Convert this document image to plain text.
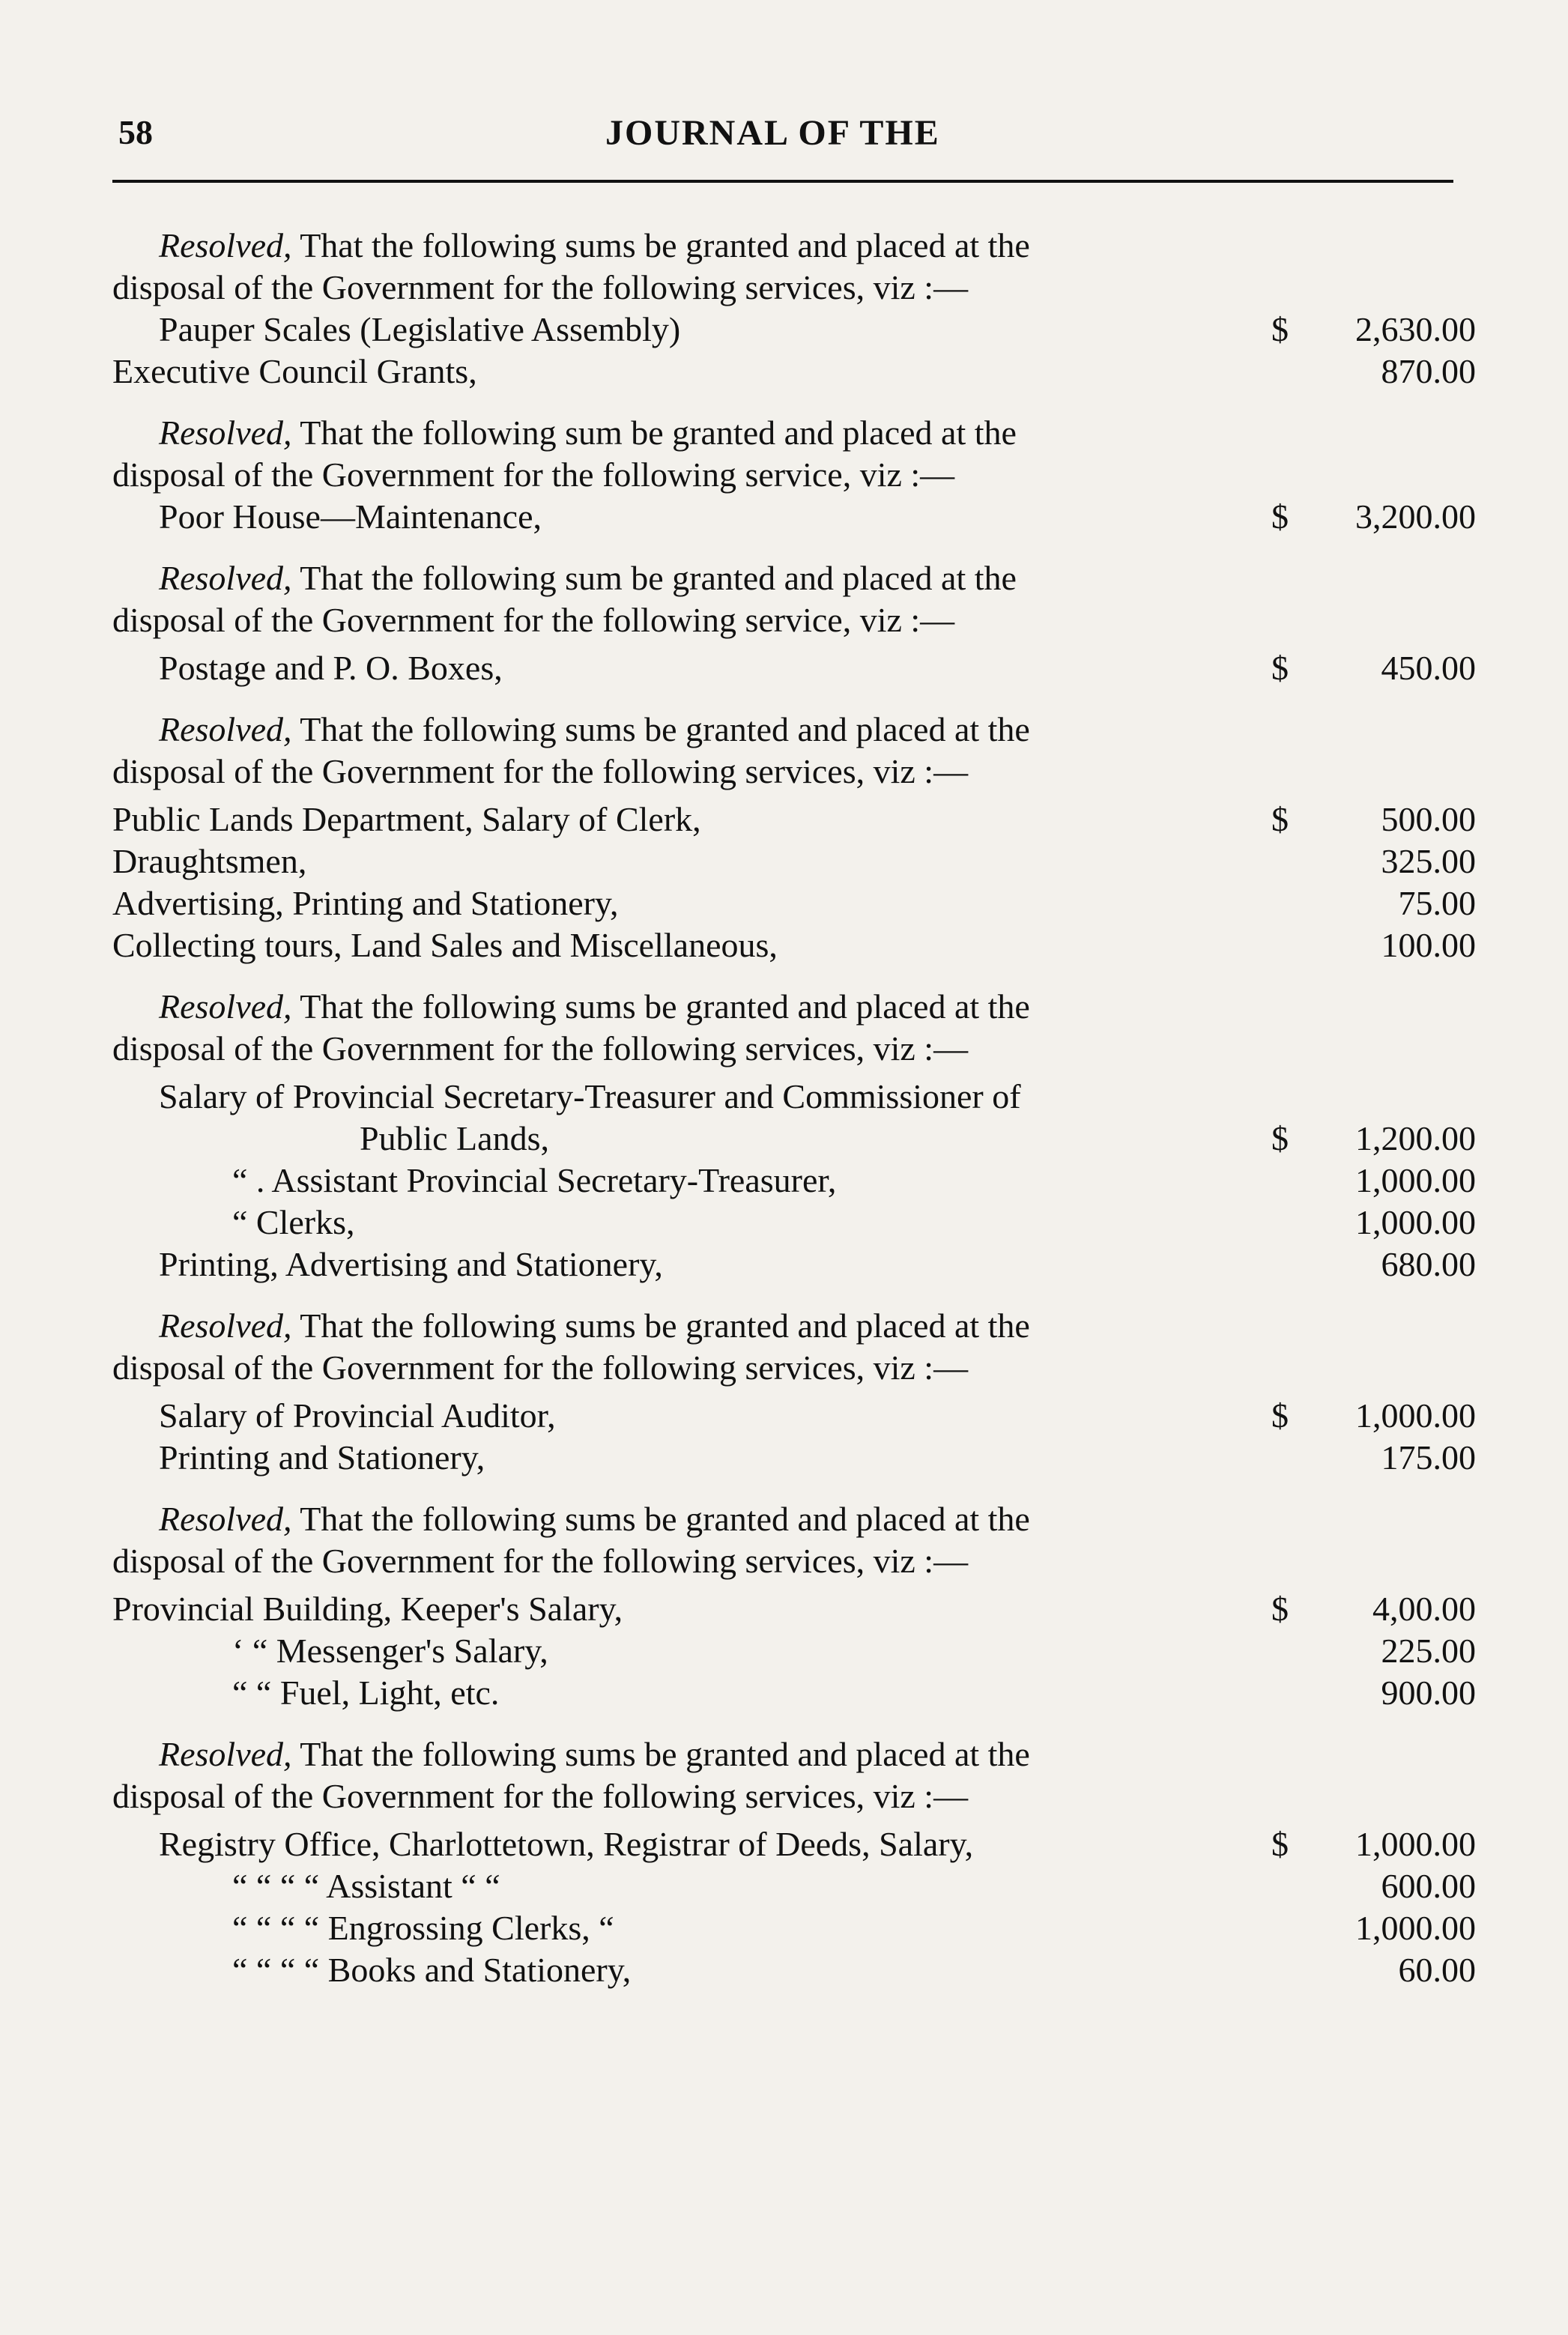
58	JOURNAL OF THE
Resolved, That the following sums be granted and placed at the
disposal of the Government for the following services, viz :—
Pauper Scales (Legislative Assembly)	$ 2,630.00
Executive Council Grants,	870.00
Resolved, That the following sum be granted and placed at the
disposal of the Government for the following service, viz :—
Poor House—Maintenance,	$ 3,200.00
Resolved, That the following sum be granted and placed at the
disposal of the Government for the following service, viz :—
Postage and P. O. Boxes,	$	450.00
Resolved, That the following sums be granted and placed at the
disposal of the Government for the following services, viz :—
Public Lands Department, Salary of Clerk,	$	500.00
Draughtsmen,	325.00
Advertising, Printing and Stationery,	75.00
Collecting tours, Land Sales and Miscellaneous,	100.00
Resolved, That the following sums be granted and placed at the
disposal of the Government for the following services, viz :—
Salary of Provincial Secretary-Treasurer and Commissioner of
Public Lands,	$ 1,200.00
“ . Assistant Provincial Secretary-Treasurer,	1,000.00
“ Clerks,	1,000.00
Printing, Advertising and Stationery,	680.00
Resolved, That the following sums be granted and placed at the
disposal of the Government for the following services, viz :—
Salary of Provincial Auditor,	$ 1,000.00
Printing and Stationery,	175.00
Resolved, That the following sums be granted and placed at the
disposal of the Government for the following services, viz :—
Provincial Building, Keeper's Salary,	$ 4,00.00
‘ “ Messenger's Salary,	225.00
“ “ Fuel, Light, etc.	900.00
Resolved, That the following sums be granted and placed at the
disposal of the Government for the following services, viz :—
Registry Office, Charlottetown, Registrar of Deeds, Salary,	$ 1,000.00
“ “ “ “ Assistant “ “	600.00
“ “ “ “ Engrossing Clerks, “	1,000.00
“ “ “ “ Books and Stationery,	60.00
